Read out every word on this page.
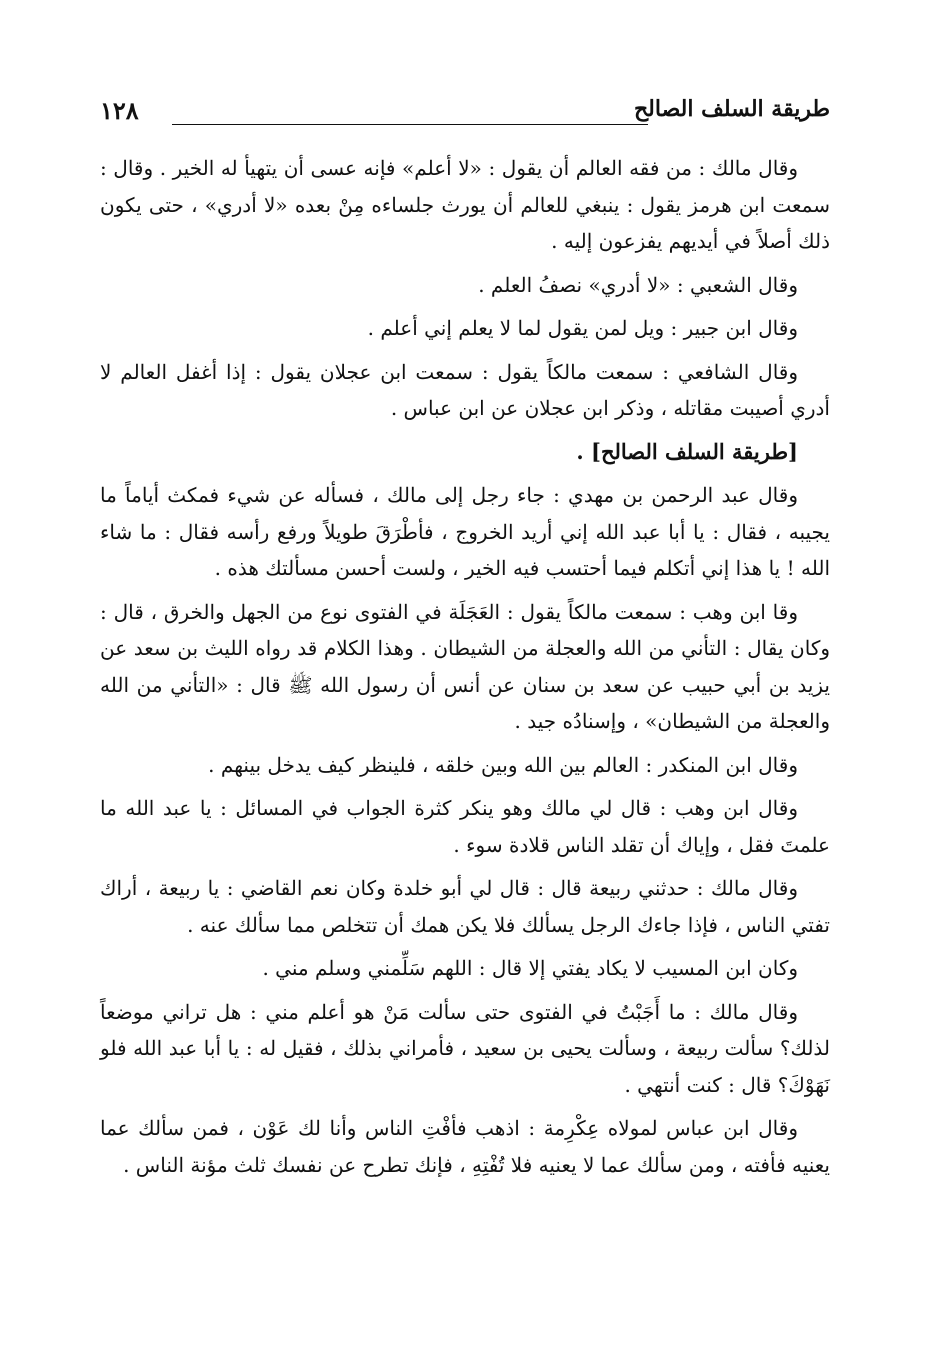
طريقة السلف الصالح
١٢٨

وقال مالك : من فقه العالم أن يقول : «لا أعلم» فإنه عسى أن يتهيأ له الخير . وقال : سمعت ابن هرمز يقول : ينبغي للعالم أن يورث جلساءه مِنْ بعده «لا أدري» ، حتى يكون ذلك أصلاً في أيديهم يفزعون إليه .

وقال الشعبي : «لا أدري» نصفُ العلم .

وقال ابن جبير : ويل لمن يقول لما لا يعلم إني أعلم .

وقال الشافعي : سمعت مالكاً يقول : سمعت ابن عجلان يقول : إذا أغفل العالم لا أدري أصيبت مقاتله ، وذكر ابن عجلان عن ابن عباس .

[طريقة السلف الصالح] .

وقال عبد الرحمن بن مهدي : جاء رجل إلى مالك ، فسأله عن شيء فمكث أياماً ما يجيبه ، فقال : يا أبا عبد الله إني أريد الخروج ، فأطْرَقَ طويلاً ورفع رأسه فقال : ما شاء الله ! يا هذا إني أتكلم فيما أحتسب فيه الخير ، ولست أحسن مسألتك هذه .

وقا ابن وهب : سمعت مالكاً يقول : العَجَلَة في الفتوى نوع من الجهل والخرق ، قال : وكان يقال : التأني من الله والعجلة من الشيطان . وهذا الكلام قد رواه الليث بن سعد عن يزيد بن أبي حبيب عن سعد بن سنان عن أنس أن رسول الله ﷺ قال : «التأني من الله والعجلة من الشيطان» ، وإسنادُه جيد .

وقال ابن المنكدر : العالم بين الله وبين خلقه ، فلينظر كيف يدخل بينهم .

وقال ابن وهب : قال لي مالك وهو ينكر كثرة الجواب في المسائل : يا عبد الله ما علمتَ فقل ، وإياك أن تقلد الناس قلادة سوء .

وقال مالك : حدثني ربيعة قال : قال لي أبو خلدة وكان نعم القاضي : يا ربيعة ، أراك تفتي الناس ، فإذا جاءك الرجل يسألك فلا يكن همك أن تتخلص مما سألك عنه .

وكان ابن المسيب لا يكاد يفتي إلا قال : اللهم سَلِّمني وسلم مني .

وقال مالك : ما أَجَبْتُ في الفتوى حتى سألت مَنْ هو أعلم مني : هل تراني موضعاً لذلك؟ سألت ربيعة ، وسألت يحيى بن سعيد ، فأمراني بذلك ، فقيل له : يا أبا عبد الله فلو نَهَوْكَ؟ قال : كنت أنتهي .

وقال ابن عباس لمولاه عِكْرِمة : اذهب فأفْتِ الناس وأنا لك عَوْن ، فمن سألك عما يعنيه فأفته ، ومن سألك عما لا يعنيه فلا تُفْتِهِ ، فإنك تطرح عن نفسك ثلث مؤنة الناس .
